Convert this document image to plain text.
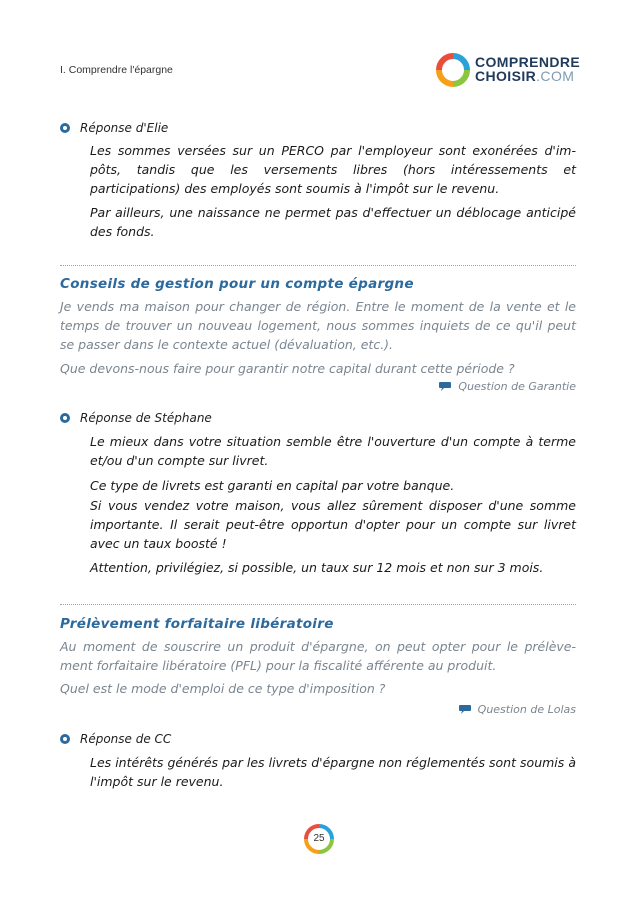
I. Comprendre l'épargne	COMPRENDRE
CHOISIR.COM
Réponse d'Elie

Les sommes versées sur un PERCO par l'employeur sont exonérées d'im-pôts, tandis que les versements libres (hors intéressements et participations) des employés sont soumis à l'impôt sur le revenu.

Par ailleurs, une naissance ne permet pas d'effectuer un déblocage anticipé des fonds.

Conseils de gestion pour un compte épargne

Je vends ma maison pour changer de région. Entre le moment de la vente et le temps de trouver un nouveau logement, nous sommes inquiets de ce qu'il peut se passer dans le contexte actuel (dévaluation, etc.).

Que devons-nous faire pour garantir notre capital durant cette période ?

Question de Garantie
Réponse de Stéphane

Le mieux dans votre situation semble être l'ouverture d'un compte à terme et/ou d'un compte sur livret.

Ce type de livrets est garanti en capital par votre banque.

Si vous vendez votre maison, vous allez sûrement disposer d'une somme importante. Il serait peut-être opportun d'opter pour un compte sur livret avec un taux boosté !

Attention, privilégiez, si possible, un taux sur 12 mois et non sur 3 mois.

Prélèvement forfaitaire libératoire

Au moment de souscrire un produit d'épargne, on peut opter pour le prélève-ment forfaitaire libératoire (PFL) pour la fiscalité afférente au produit.

Quel est le mode d'emploi de ce type d'imposition ?

Question de Lolas
Réponse de CC

Les intérêts générés par les livrets d'épargne non réglementés sont soumis à l'impôt sur le revenu.

25
